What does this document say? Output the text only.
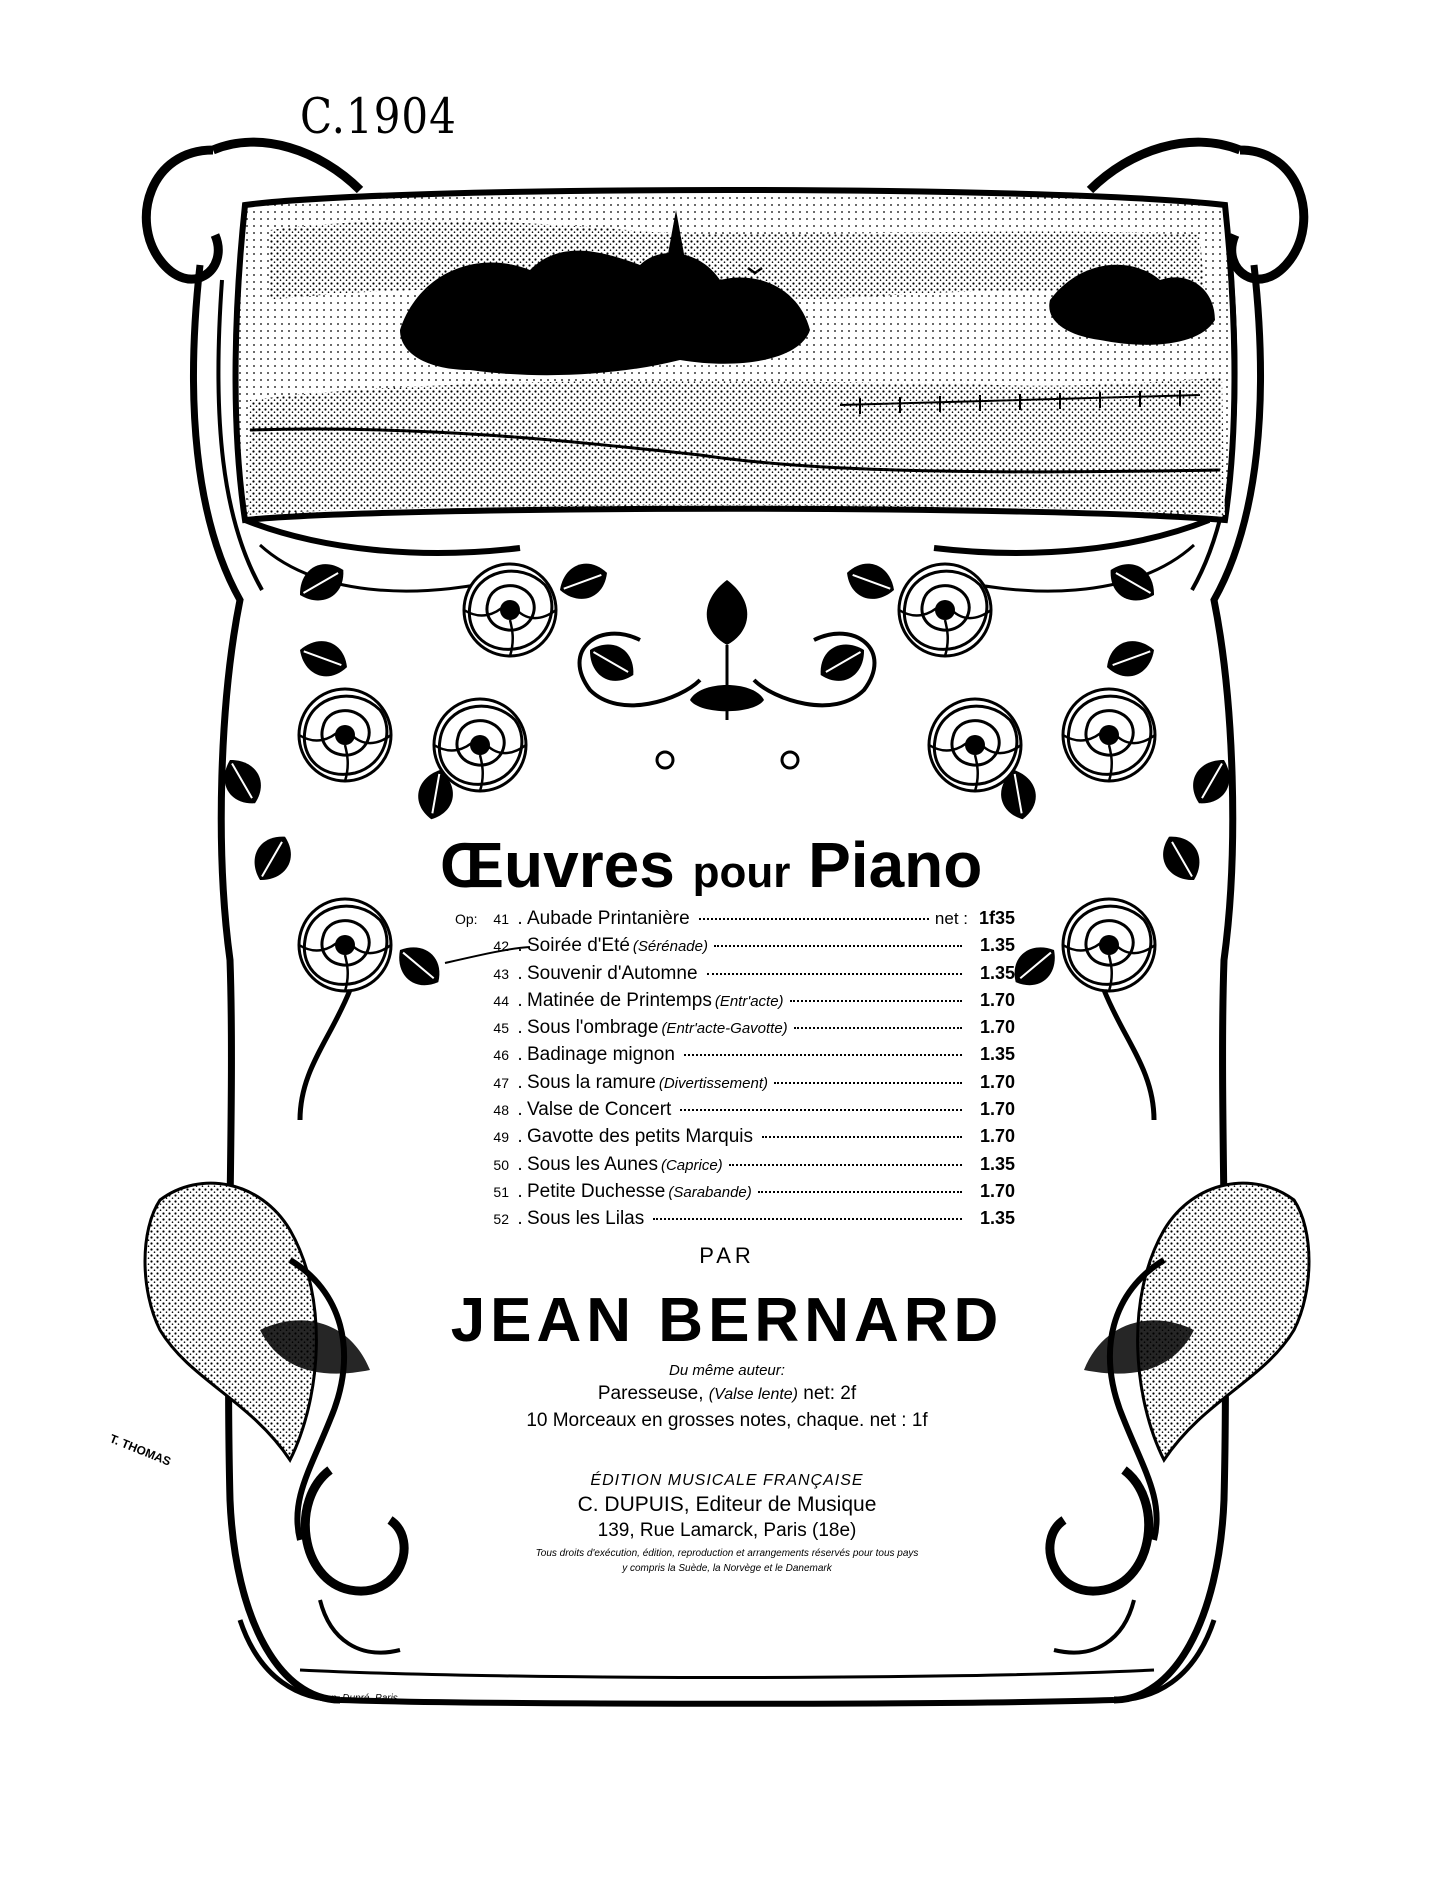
C.1904
Œuvres pour Piano
Op:	41 . Aubade Printanière	net : 1f35
42 . Soirée d'Eté (Sérénade)	1.35
43 . Souvenir d'Automne	1.35
44 . Matinée de Printemps (Entr'acte)	1.70
45 . Sous l'ombrage (Entr'acte-Gavotte)	1.70
46 . Badinage mignon	1.35
47 . Sous la ramure (Divertissement)	1.70
48 . Valse de Concert	1.70
49 . Gavotte des petits Marquis	1.70
50 . Sous les Aunes (Caprice)	1.35
51 . Petite Duchesse (Sarabande)	1.70
52 . Sous les Lilas	1.35
PAR
JEAN BERNARD
Du même auteur:
Paresseuse, (Valse lente) net: 2f
10 Morceaux en grosses notes, chaque. net : 1f
ÉDITION MUSICALE FRANÇAISE
C. DUPUIS, Editeur de Musique
139, Rue Lamarck, Paris (18e)
Tous droits d'exécution, édition, reproduction et arrangements réservés pour tous pays
y compris la Suède, la Norvège et le Danemark
T. THOMAS
Imp. Dupré, Paris
